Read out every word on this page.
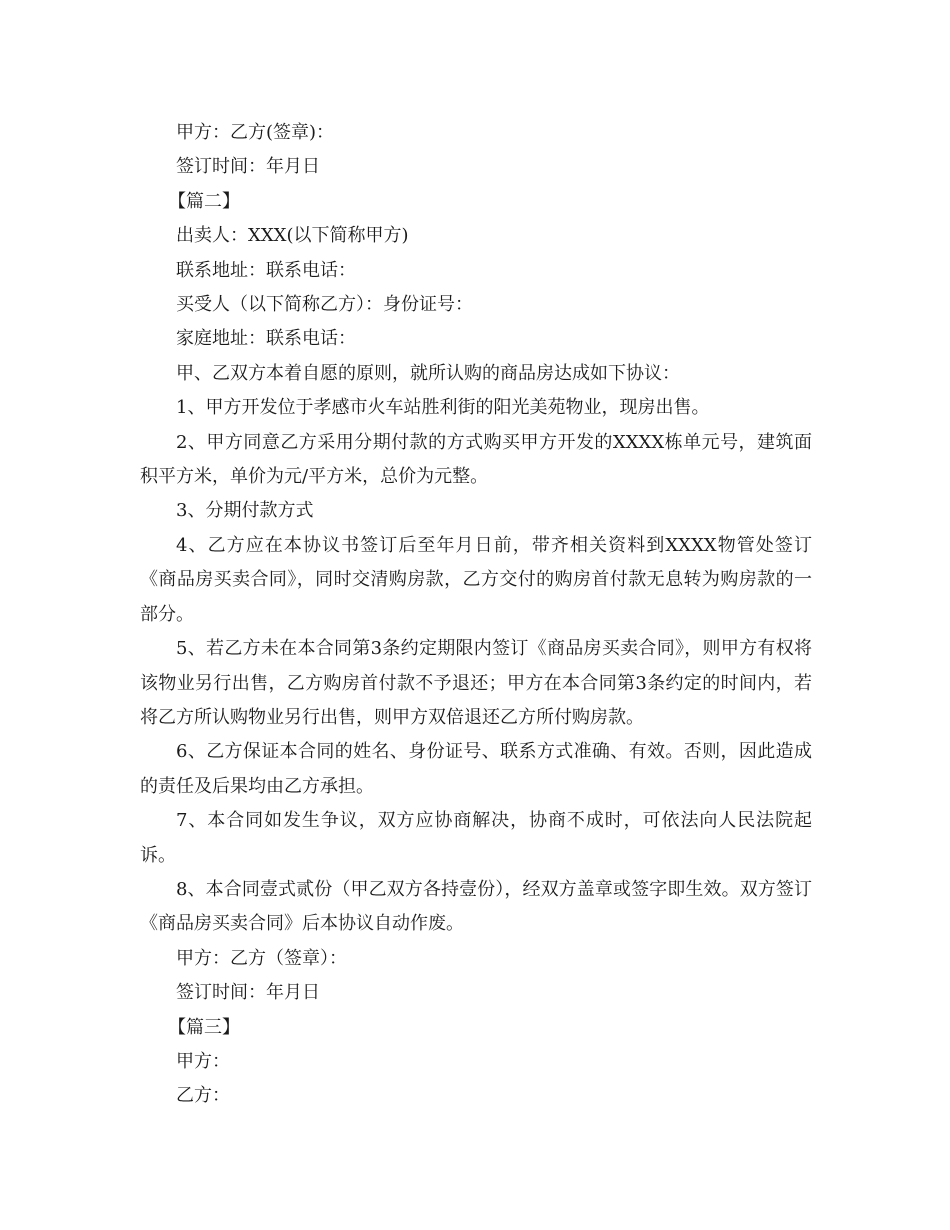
甲方：乙方(签章)：

签订时间：年月日

【篇二】

出卖人：XXX(以下简称甲方)

联系地址：联系电话：

买受人（以下简称乙方）：身份证号：

家庭地址：联系电话：

甲、乙双方本着自愿的原则，就所认购的商品房达成如下协议：

1、甲方开发位于孝感市火车站胜利街的阳光美苑物业，现房出售。

2、甲方同意乙方采用分期付款的方式购买甲方开发的XXXX栋单元号，建筑面积平方米，单价为元/平方米，总价为元整。

3、分期付款方式

4、乙方应在本协议书签订后至年月日前，带齐相关资料到XXXX物管处签订《商品房买卖合同》，同时交清购房款，乙方交付的购房首付款无息转为购房款的一部分。

5、若乙方未在本合同第3条约定期限内签订《商品房买卖合同》，则甲方有权将该物业另行出售，乙方购房首付款不予退还；甲方在本合同第3条约定的时间内，若将乙方所认购物业另行出售，则甲方双倍退还乙方所付购房款。

6、乙方保证本合同的姓名、身份证号、联系方式准确、有效。否则，因此造成的责任及后果均由乙方承担。

7、本合同如发生争议，双方应协商解决，协商不成时，可依法向人民法院起诉。

8、本合同壹式贰份（甲乙双方各持壹份），经双方盖章或签字即生效。双方签订《商品房买卖合同》后本协议自动作废。

甲方：乙方（签章）：

签订时间：年月日

【篇三】

甲方：

乙方：
